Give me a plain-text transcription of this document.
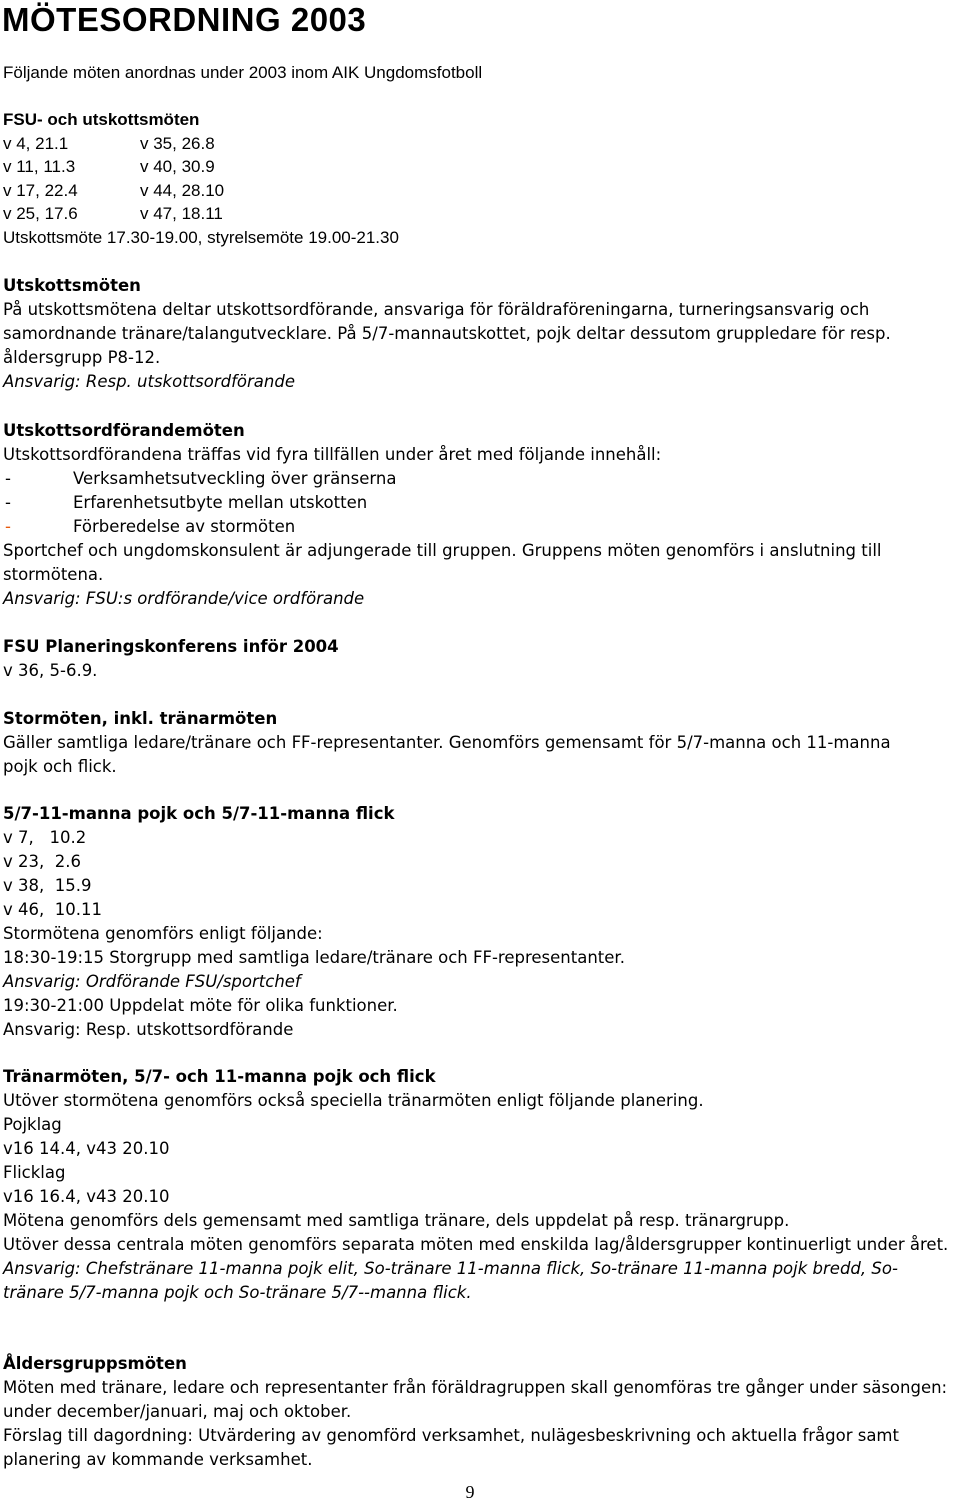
MÖTESORDNING 2003
Följande möten anordnas under 2003 inom AIK Ungdomsfotboll
FSU- och utskottsmöten
v 4, 21.1	v 35, 26.8
v 11, 11.3	v 40, 30.9
v 17, 22.4	v 44, 28.10
v 25, 17.6	v 47, 18.11
Utskottsmöte 17.30-19.00, styrelsemöte 19.00-21.30
Utskottsmöten
På utskottsmötena deltar utskottsordförande, ansvariga för föräldraföreningarna, turneringsansvarig och samordnande tränare/talangutvecklare. På 5/7-mannautskottet, pojk deltar dessutom gruppledare för resp. åldersgrupp P8-12.
Ansvarig: Resp. utskottsordförande
Utskottsordförandemöten
Utskottsordförandena träffas vid fyra tillfällen under året med följande innehåll:
-	Verksamhetsutveckling över gränserna
-	Erfarenhetsutbyte mellan utskotten
-	Förberedelse av stormöten
Sportchef och ungdomskonsulent är adjungerade till gruppen. Gruppens möten genomförs i anslutning till stormötena.
Ansvarig: FSU:s ordförande/vice ordförande
FSU Planeringskonferens inför 2004
v 36, 5-6.9.
Stormöten, inkl. tränarmöten
Gäller samtliga ledare/tränare och FF-representanter. Genomförs gemensamt för 5/7-manna och 11-manna pojk och flick.
5/7-11-manna pojk och 5/7-11-manna flick
v 7,   10.2
v 23,  2.6
v 38,  15.9
v 46,  10.11
Stormötena genomförs enligt följande:
18:30-19:15 Storgrupp med samtliga ledare/tränare och FF-representanter.
Ansvarig: Ordförande FSU/sportchef
19:30-21:00 Uppdelat möte för olika funktioner.
Ansvarig: Resp. utskottsordförande
Tränarmöten, 5/7- och 11-manna pojk och flick
Utöver stormötena genomförs också speciella tränarmöten enligt följande planering.
Pojklag
v16 14.4, v43 20.10
Flicklag
v16 16.4, v43 20.10
Mötena genomförs dels gemensamt med samtliga tränare, dels uppdelat på resp. tränargrupp.
Utöver dessa centrala möten genomförs separata möten med enskilda lag/åldersgrupper kontinuerligt under året.
Ansvarig: Chefstränare 11-manna pojk elit, So-tränare 11-manna flick, So-tränare 11-manna pojk bredd, So-tränare 5/7-manna pojk och So-tränare 5/7--manna flick.
Åldersgruppsmöten
Möten med tränare, ledare och representanter från föräldragruppen skall genomföras tre gånger under säsongen: under december/januari, maj och oktober.
Förslag till dagordning: Utvärdering av genomförd verksamhet, nulägesbeskrivning och aktuella frågor samt planering av kommande verksamhet.
9
